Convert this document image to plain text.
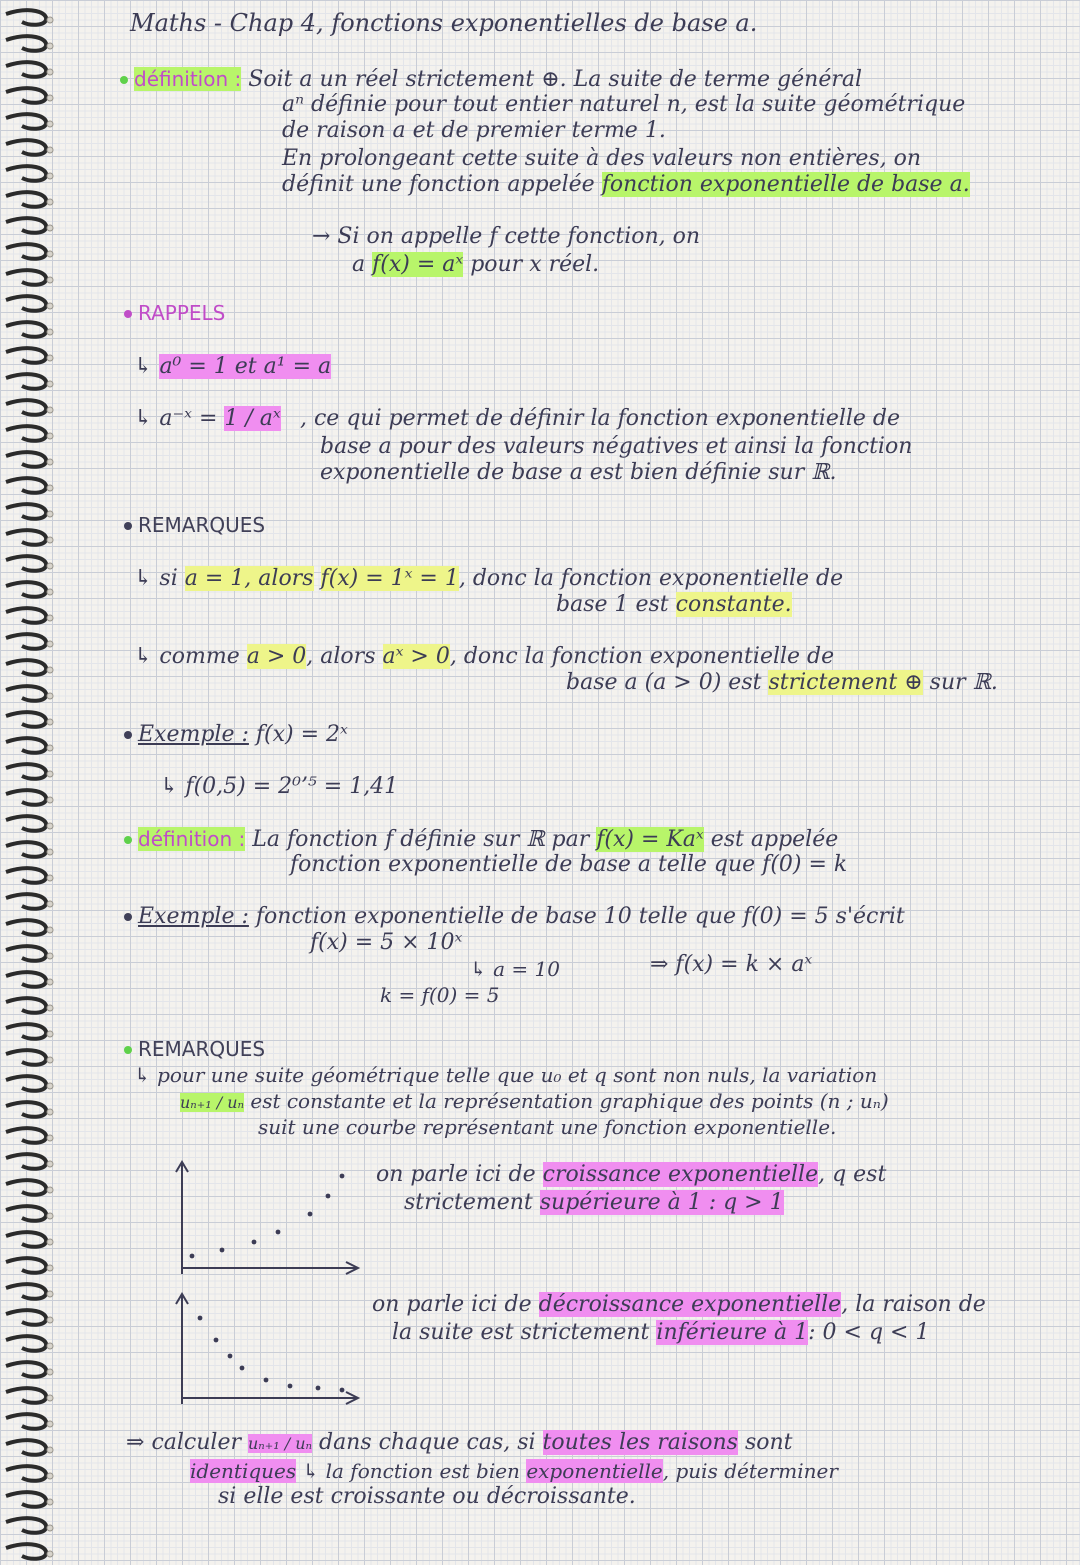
Maths - Chap 4, fonctions exponentielles de base a.
définition : Soit a un réel strictement ⊕. La suite de terme général
aⁿ définie pour tout entier naturel n, est la suite géométrique
de raison a et de premier terme 1.
En prolongeant cette suite à des valeurs non entières, on
définit une fonction appelée fonction exponentielle de base a.
→ Si on appelle f cette fonction, on
a f(x) = aˣ pour x réel.
RAPPELS
↳ a⁰ = 1 et a¹ = a
↳ a⁻ˣ = 1 / aˣ , ce qui permet de définir la fonction exponentielle de
base a pour des valeurs négatives et ainsi la fonction
exponentielle de base a est bien définie sur ℝ.
REMARQUES
↳ si a = 1, alors f(x) = 1ˣ = 1, donc la fonction exponentielle de
base 1 est constante.
↳ comme a > 0, alors aˣ > 0, donc la fonction exponentielle de
base a (a > 0) est strictement ⊕ sur ℝ.
Exemple : f(x) = 2ˣ
↳ f(0,5) = 2⁰’⁵ = 1,41
définition : La fonction f définie sur ℝ par f(x) = Kaˣ est appelée
fonction exponentielle de base a telle que f(0) = k
Exemple : fonction exponentielle de base 10 telle que f(0) = 5 s'écrit
f(x) = 5 × 10ˣ
↳ a = 10	⇒ f(x) = k × aˣ
k = f(0) = 5
REMARQUES
↳ pour une suite géométrique telle que u₀ et q sont non nuls, la variation
uₙ₊₁ / uₙ est constante et la représentation graphique des points (n ; uₙ)
suit une courbe représentant une fonction exponentielle.
on parle ici de croissance exponentielle, q est
strictement supérieure à 1 : q > 1
on parle ici de décroissance exponentielle, la raison de
la suite est strictement inférieure à 1: 0 < q < 1
⇒ calculer uₙ₊₁ / uₙ dans chaque cas, si toutes les raisons sont
identiques ↳ la fonction est bien exponentielle, puis déterminer
si elle est croissante ou décroissante.
